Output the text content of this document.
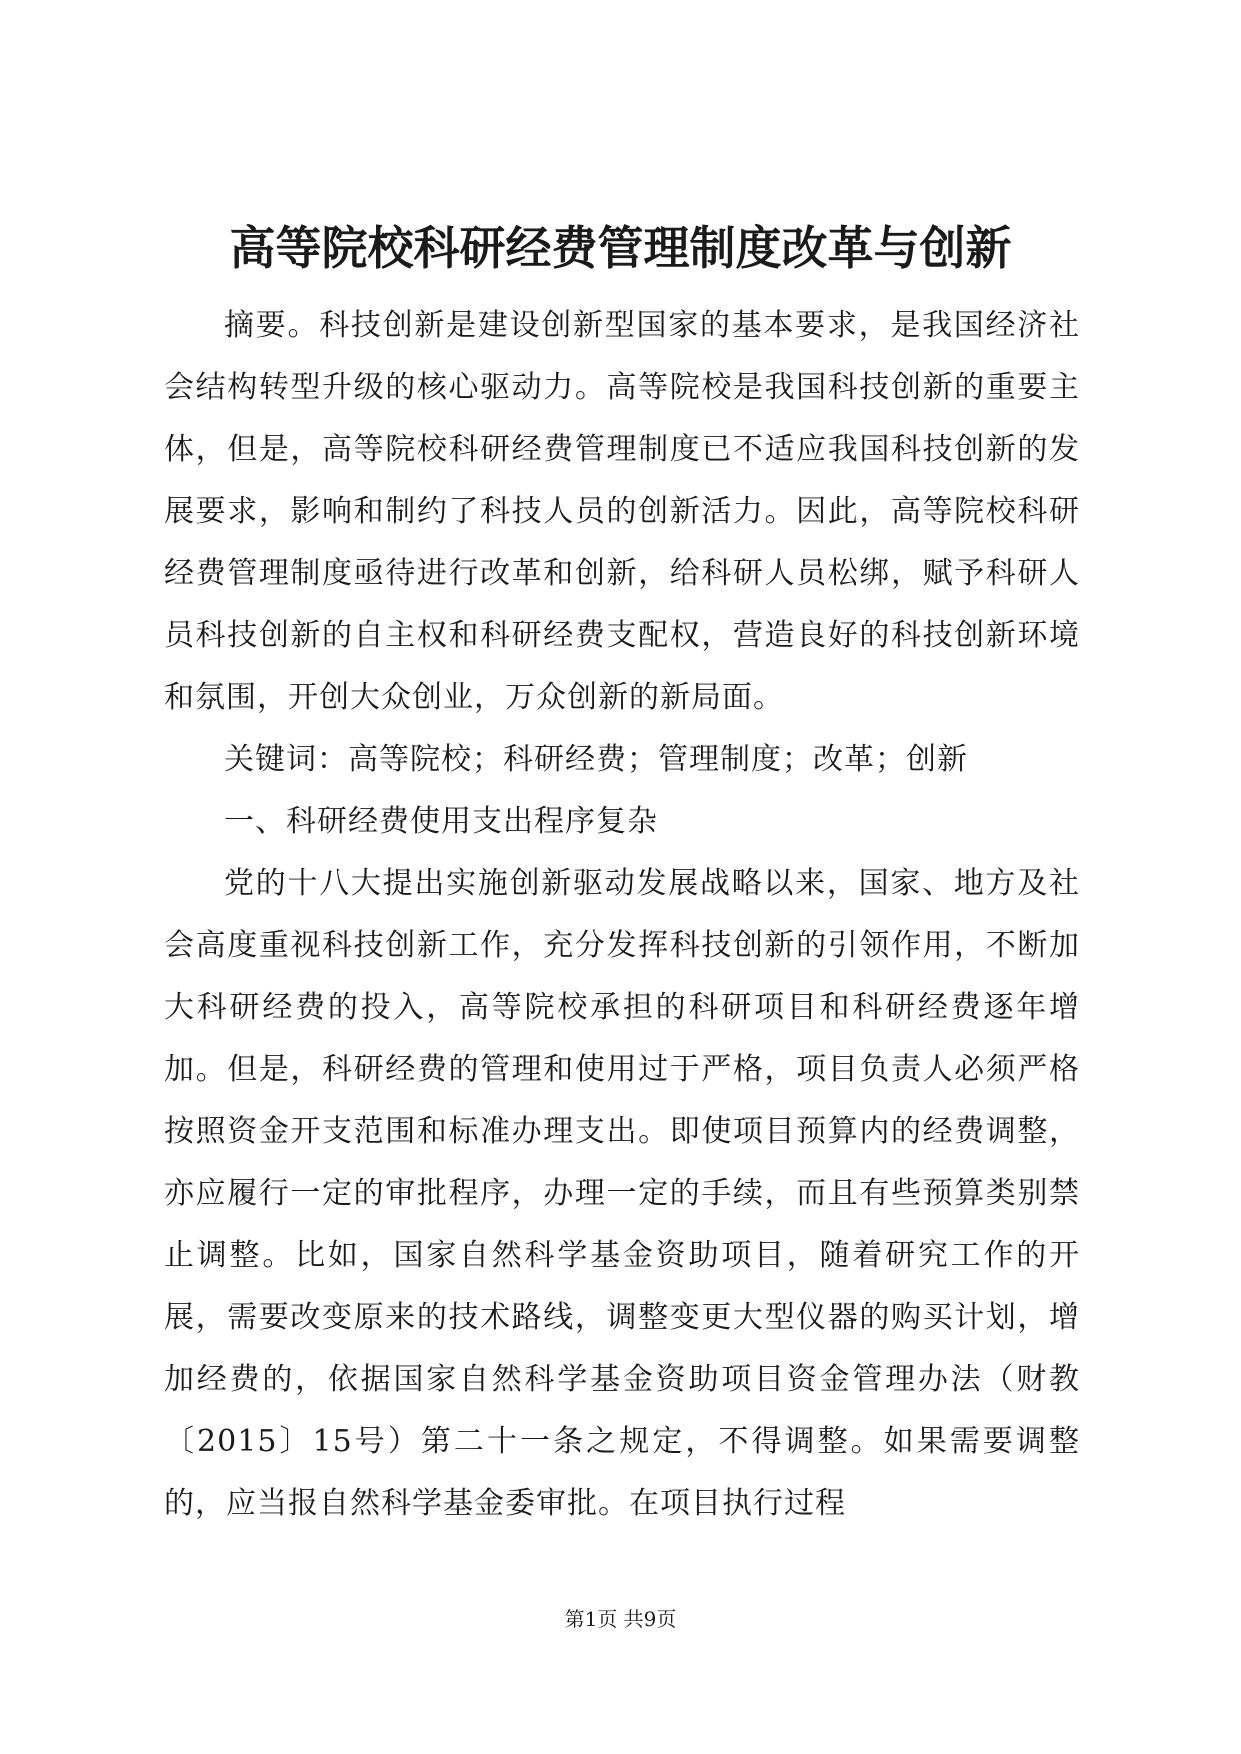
高等院校科研经费管理制度改革与创新

摘要。科技创新是建设创新型国家的基本要求，是我国经济社会结构转型升级的核心驱动力。高等院校是我国科技创新的重要主体，但是，高等院校科研经费管理制度已不适应我国科技创新的发展要求，影响和制约了科技人员的创新活力。因此，高等院校科研经费管理制度亟待进行改革和创新，给科研人员松绑，赋予科研人员科技创新的自主权和科研经费支配权，营造良好的科技创新环境和氛围，开创大众创业，万众创新的新局面。

关键词：高等院校；科研经费；管理制度；改革；创新

一、科研经费使用支出程序复杂

党的十八大提出实施创新驱动发展战略以来，国家、地方及社会高度重视科技创新工作，充分发挥科技创新的引领作用，不断加大科研经费的投入，高等院校承担的科研项目和科研经费逐年增加。但是，科研经费的管理和使用过于严格，项目负责人必须严格按照资金开支范围和标准办理支出。即使项目预算内的经费调整，亦应履行一定的审批程序，办理一定的手续，而且有些预算类别禁止调整。比如，国家自然科学基金资助项目，随着研究工作的开展，需要改变原来的技术路线，调整变更大型仪器的购买计划，增加经费的，依据国家自然科学基金资助项目资金管理办法（财教〔2015〕15号）第二十一条之规定，不得调整。如果需要调整的，应当报自然科学基金委审批。在项目执行过程

第1页 共9页
